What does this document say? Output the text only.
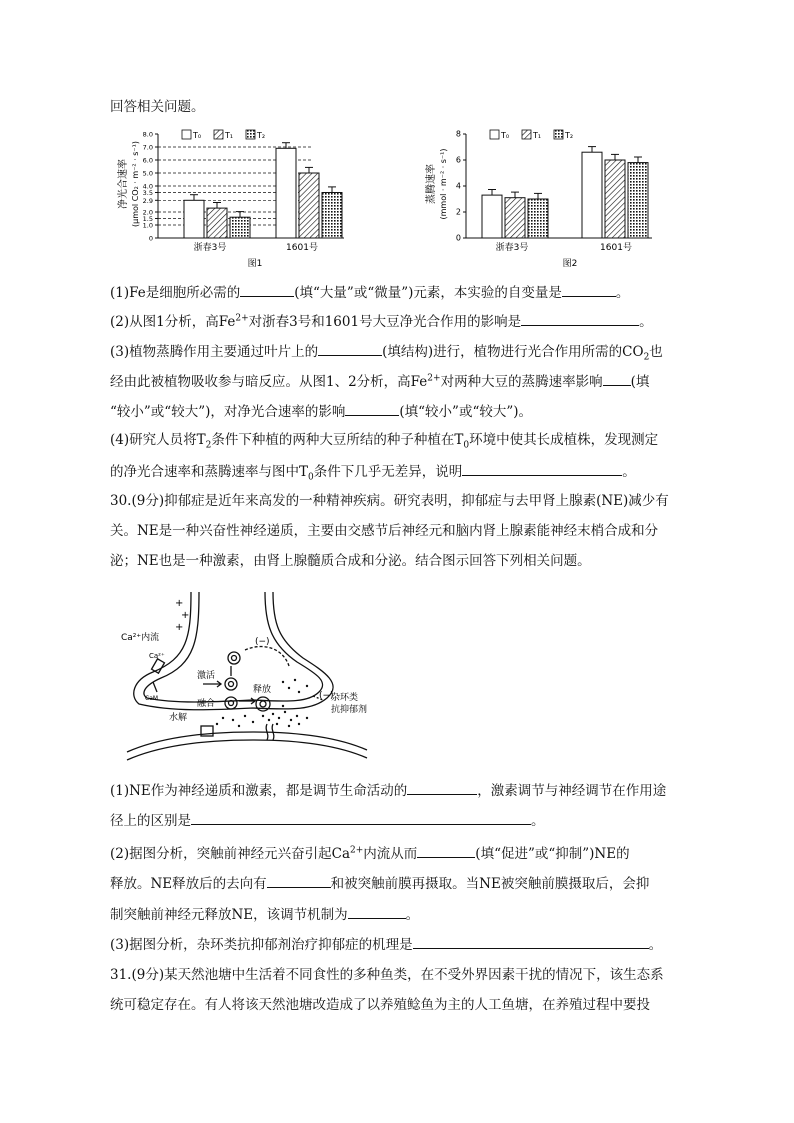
回答相关问题。
净光合速率 (μmol CO₂ · m⁻² · s⁻¹)
浙春3号	1601号
图1
0
1.0
1.5
2.0
2.9
3.5
4.0
5.0
6.0
7.0
8.0	T₀	T₁	T₂
蒸腾速率 (mmol · m⁻² · s⁻¹)
浙春3号	1601号
图2
0
2
4
6
8	T₀	T₁	T₂
(1)Fe是细胞所必需的	(填“大量”或“微量”)元素，本实验的自变量是	。
(2)从图1分析，高$Fe^{2+}$对浙春3号和1601号大豆净光合作用的影响是	。
(3)植物蒸腾作用主要通过叶片上的	(填结构)进行，植物进行光合作用所需的$CO_2$也
经由此被植物吸收参与暗反应。从图1、2分析，高$Fe^{2+}$对两种大豆的蒸腾速率影响 (填
“较小”或“较大”)，对净光合速率的影响	(填“较小”或“较大”)。
(4)研究人员将$T_2$条件下种植的两种大豆所结的种子种植在$T_0$环境中使其长成植株，发现测定
的净光合速率和蒸腾速率与图中$T_0$条件下几乎无差异，说明	。
30.(9分)抑郁症是近年来高发的一种精神疾病。研究表明，抑郁症与去甲肾上腺素(NE)减少有
关。NE是一种兴奋性神经递质，主要由交感节后神经元和脑内肾上腺素能神经末梢合成和分
泌；NE也是一种激素，由肾上腺髓质合成和分泌。结合图示回答下列相关问题。
Ca²⁺内流
Ca²⁺
CaM
激活
融合
释放
(−)
(−)
杂环类
抗抑郁剂
水解
+
+
+
(1)NE作为神经递质和激素，都是调节生命活动的	，激素调节与神经调节在作用途
径上的区别是	。
(2)据图分析，突触前神经元兴奋引起$Ca^{2+}$内流从而	(填“促进”或“抑制”)NE的
释放。NE释放后的去向有	和被突触前膜再摄取。当NE被突触前膜摄取后，会抑
制突触前神经元释放NE，该调节机制为	。
(3)据图分析，杂环类抗抑郁剂治疗抑郁症的机理是	。
31.(9分)某天然池塘中生活着不同食性的多种鱼类，在不受外界因素干扰的情况下，该生态系
统可稳定存在。有人将该天然池塘改造成了以养殖鲶鱼为主的人工鱼塘，在养殖过程中要投
